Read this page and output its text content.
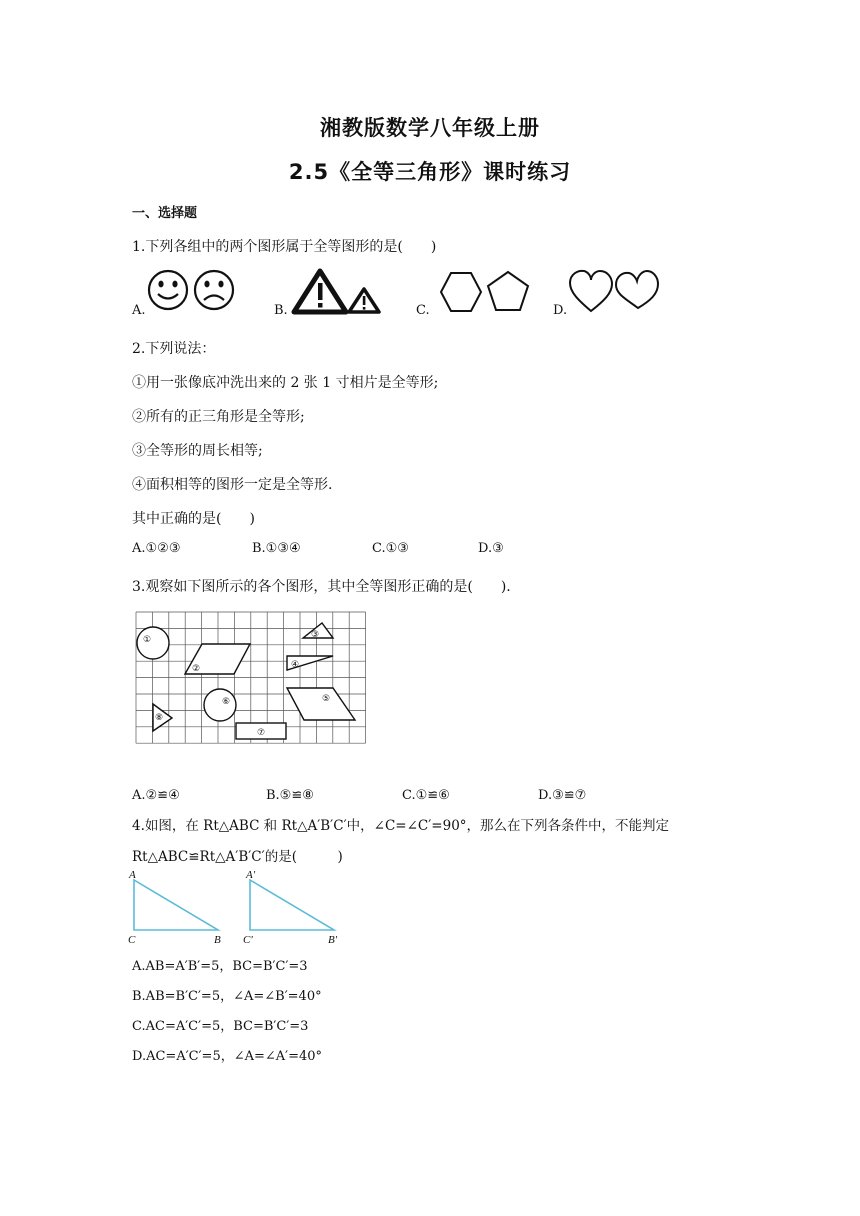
湘教版数学八年级上册
2.5《全等三角形》课时练习
一、选择题
1.下列各组中的两个图形属于全等图形的是(　　)
A.	B.	C.	D.
2.下列说法：
①用一张像底冲洗出来的 2 张 1 寸相片是全等形;
②所有的正三角形是全等形;
③全等形的周长相等;
④面积相等的图形一定是全等形.
其中正确的是(　　)
A.①②③	B.①③④	C.①③	D.③
3.观察如下图所示的各个图形，其中全等图形正确的是(　　).
①
②
③
④
⑤
⑥
⑦
⑧
A.②≌④	B.⑤≌⑧	C.①≌⑥	D.③≌⑦
4.如图，在 Rt△ABC 和 Rt△A′B′C′中，∠C=∠C′=90°，那么在下列各条件中，不能判定
Rt△ABC≌Rt△A′B′C′的是(　　　)
A
C	B
A′
C′	B′
A.AB=A′B′=5，BC=B′C′=3
B.AB=B′C′=5，∠A=∠B′=40°
C.AC=A′C′=5，BC=B′C′=3
D.AC=A′C′=5，∠A=∠A′=40°
